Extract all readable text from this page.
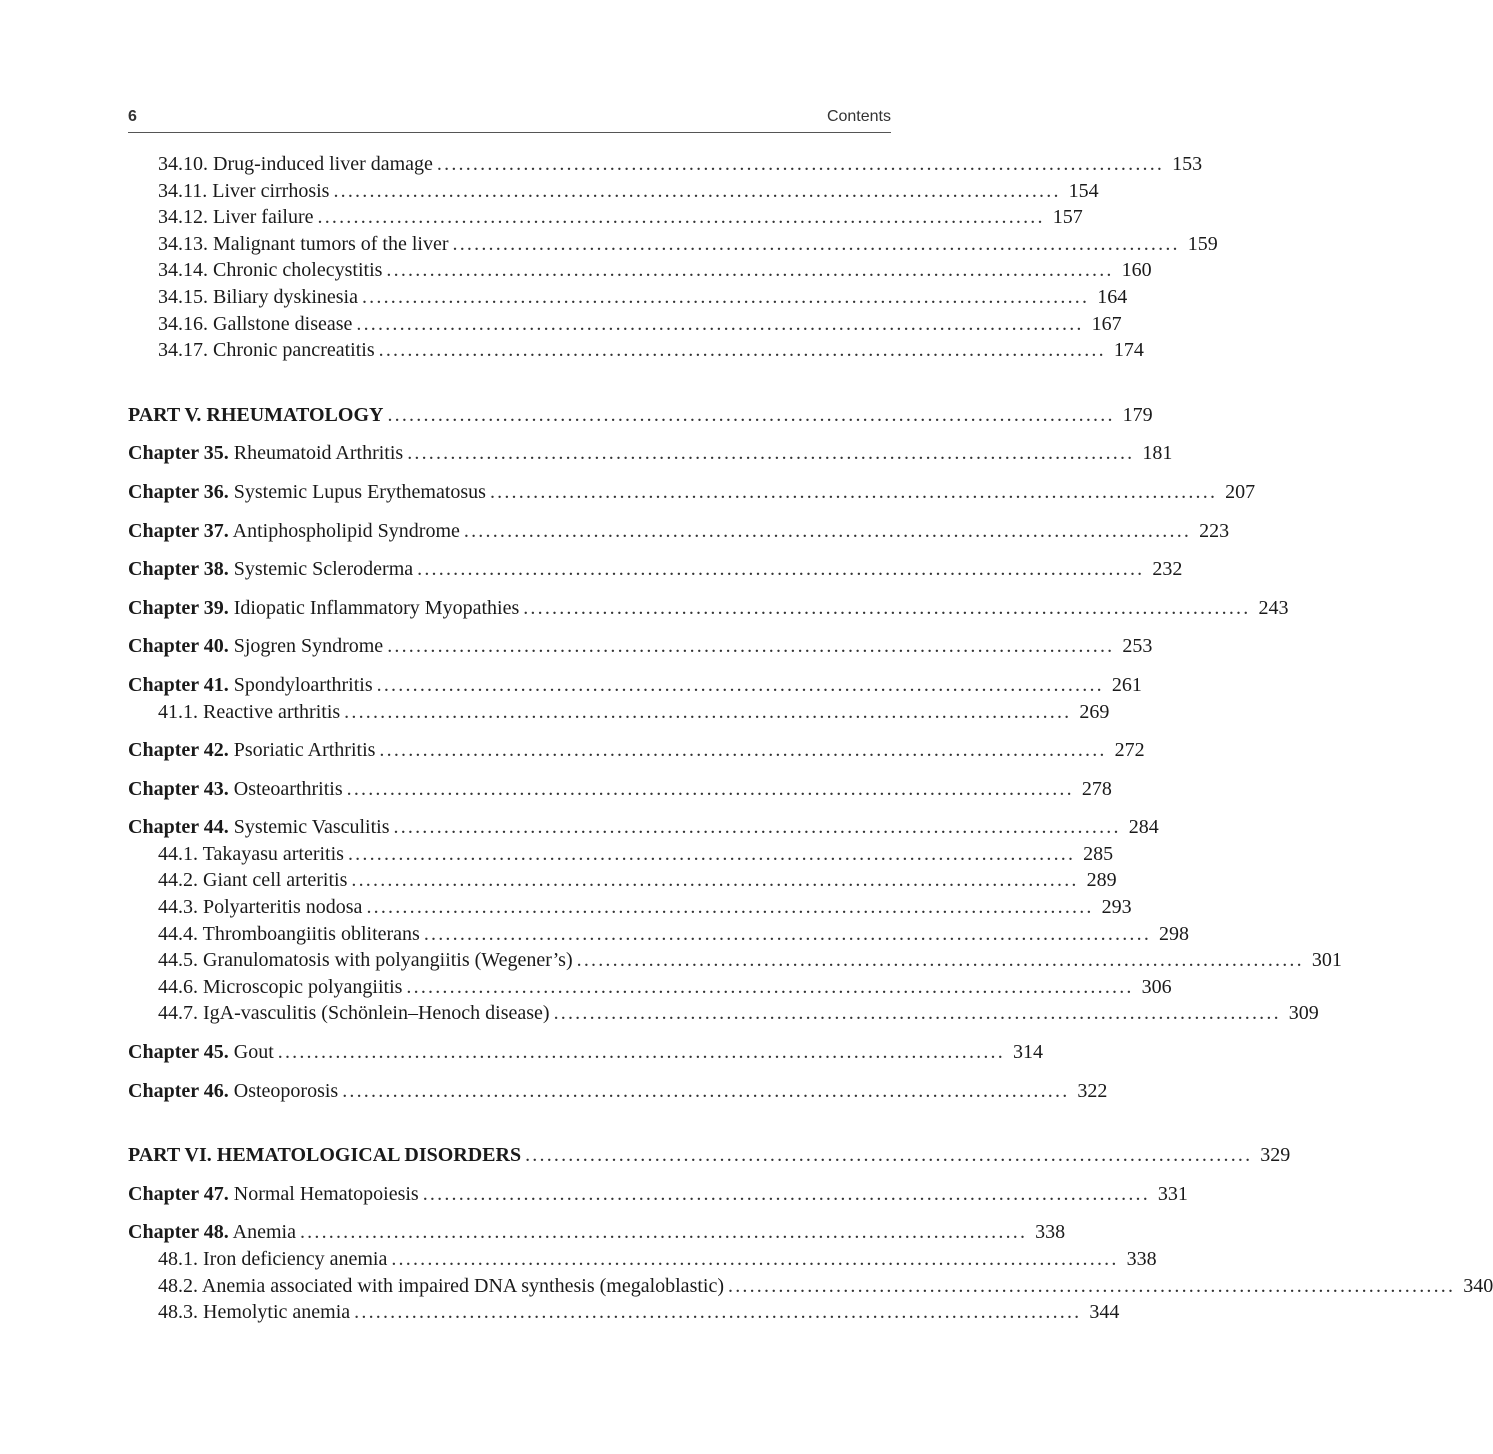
6	Contents
34.10. Drug-induced liver damage ..................................................................................................... 153
34.11. Liver cirrhosis ..................................................................................................... 154
34.12. Liver failure ..................................................................................................... 157
34.13. Malignant tumors of the liver ..................................................................................................... 159
34.14. Chronic cholecystitis ..................................................................................................... 160
34.15. Biliary dyskinesia ..................................................................................................... 164
34.16. Gallstone disease ..................................................................................................... 167
34.17. Chronic pancreatitis ..................................................................................................... 174
PART V. RHEUMATOLOGY ..................................................................................................... 179
Chapter 35. Rheumatoid Arthritis ..................................................................................................... 181
Chapter 36. Systemic Lupus Erythematosus ..................................................................................................... 207
Chapter 37. Antiphospholipid Syndrome ..................................................................................................... 223
Chapter 38. Systemic Scleroderma ..................................................................................................... 232
Chapter 39. Idiopatic Inflammatory Myopathies ..................................................................................................... 243
Chapter 40. Sjogren Syndrome ..................................................................................................... 253
Chapter 41. Spondyloarthritis ..................................................................................................... 261
41.1. Reactive arthritis ..................................................................................................... 269
Chapter 42. Psoriatic Arthritis ..................................................................................................... 272
Chapter 43. Osteoarthritis ..................................................................................................... 278
Chapter 44. Systemic Vasculitis ..................................................................................................... 284
44.1. Takayasu arteritis ..................................................................................................... 285
44.2. Giant cell arteritis ..................................................................................................... 289
44.3. Polyarteritis nodosa ..................................................................................................... 293
44.4. Thromboangiitis obliterans ..................................................................................................... 298
44.5. Granulomatosis with polyangiitis (Wegener’s) ..................................................................................................... 301
44.6. Microscopic polyangiitis ..................................................................................................... 306
44.7. IgA-vasculitis (Schönlein–Henoch disease) ..................................................................................................... 309
Chapter 45. Gout ..................................................................................................... 314
Chapter 46. Osteoporosis ..................................................................................................... 322
PART VI. HEMATOLOGICAL DISORDERS ..................................................................................................... 329
Chapter 47. Normal Hematopoiesis ..................................................................................................... 331
Chapter 48. Anemia ..................................................................................................... 338
48.1. Iron deficiency anemia ..................................................................................................... 338
48.2. Anemia associated with impaired DNA synthesis (megaloblastic) ..................................................................................................... 340
48.3. Hemolytic anemia ..................................................................................................... 344
